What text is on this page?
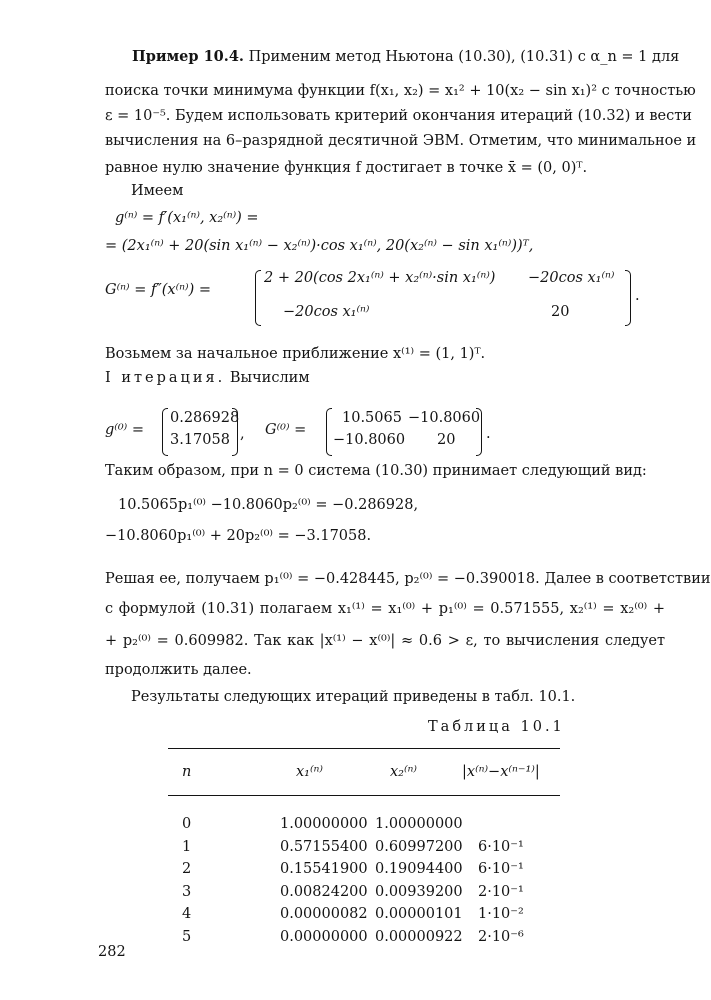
Пример 10.4. Применим метод Ньютона (10.30), (10.31) с α_n = 1 для
поиска точки минимума функции f(x₁, x₂) = x₁² + 10(x₂ − sin x₁)² с точностью
ε = 10⁻⁵. Будем использовать критерий окончания итераций (10.32) и вести
вычисления на 6–разрядной десятичной ЭВМ. Отметим, что минимальное и
равное нулю значение функция f достигает в точке x̄ = (0, 0)ᵀ.
Имеем
g⁽ⁿ⁾ = f′(x₁⁽ⁿ⁾, x₂⁽ⁿ⁾) =
= (2x₁⁽ⁿ⁾ + 20(sin x₁⁽ⁿ⁾ − x₂⁽ⁿ⁾)·cos x₁⁽ⁿ⁾, 20(x₂⁽ⁿ⁾ − sin x₁⁽ⁿ⁾))ᵀ,
G⁽ⁿ⁾ = f″(x⁽ⁿ⁾) =
2 + 20(cos 2x₁⁽ⁿ⁾ + x₂⁽ⁿ⁾·sin x₁⁽ⁿ⁾) −20cos x₁⁽ⁿ⁾
−20cos x₁⁽ⁿ⁾	20
.
Возьмем за начальное приближение x⁽¹⁾ = (1, 1)ᵀ.
I итерация. Вычислим
g⁽⁰⁾ =
0.286928
3.17058 , G⁽⁰⁾ =
10.5065 −10.8060
−10.8060 20 .
Таким образом, при n = 0 система (10.30) принимает следующий вид:
10.5065p₁⁽⁰⁾ −10.8060p₂⁽⁰⁾ = −0.286928,
−10.8060p₁⁽⁰⁾ + 20p₂⁽⁰⁾ = −3.17058.
Решая ее, получаем p₁⁽⁰⁾ = −0.428445, p₂⁽⁰⁾ = −0.390018. Далее в соответствии
с формулой (10.31) полагаем x₁⁽¹⁾ = x₁⁽⁰⁾ + p₁⁽⁰⁾ = 0.571555, x₂⁽¹⁾ = x₂⁽⁰⁾ +
+ p₂⁽⁰⁾ = 0.609982. Так как |x⁽¹⁾ − x⁽⁰⁾| ≈ 0.6 > ε, то вычисления следует
продолжить далее.
Результаты следующих итераций приведены в табл. 10.1.
Таблица 10.1
n	x₁⁽ⁿ⁾	x₂⁽ⁿ⁾	|x⁽ⁿ⁾−x⁽ⁿ⁻¹⁾|
0	1.00000000 1.00000000
1	0.57155400 0.60997200 6·10⁻¹
2	0.15541900 0.19094400 6·10⁻¹
3	0.00824200 0.00939200 2·10⁻¹
4	0.00000082 0.00000101 1·10⁻²
5	0.00000000 0.00000922 2·10⁻⁶
282
